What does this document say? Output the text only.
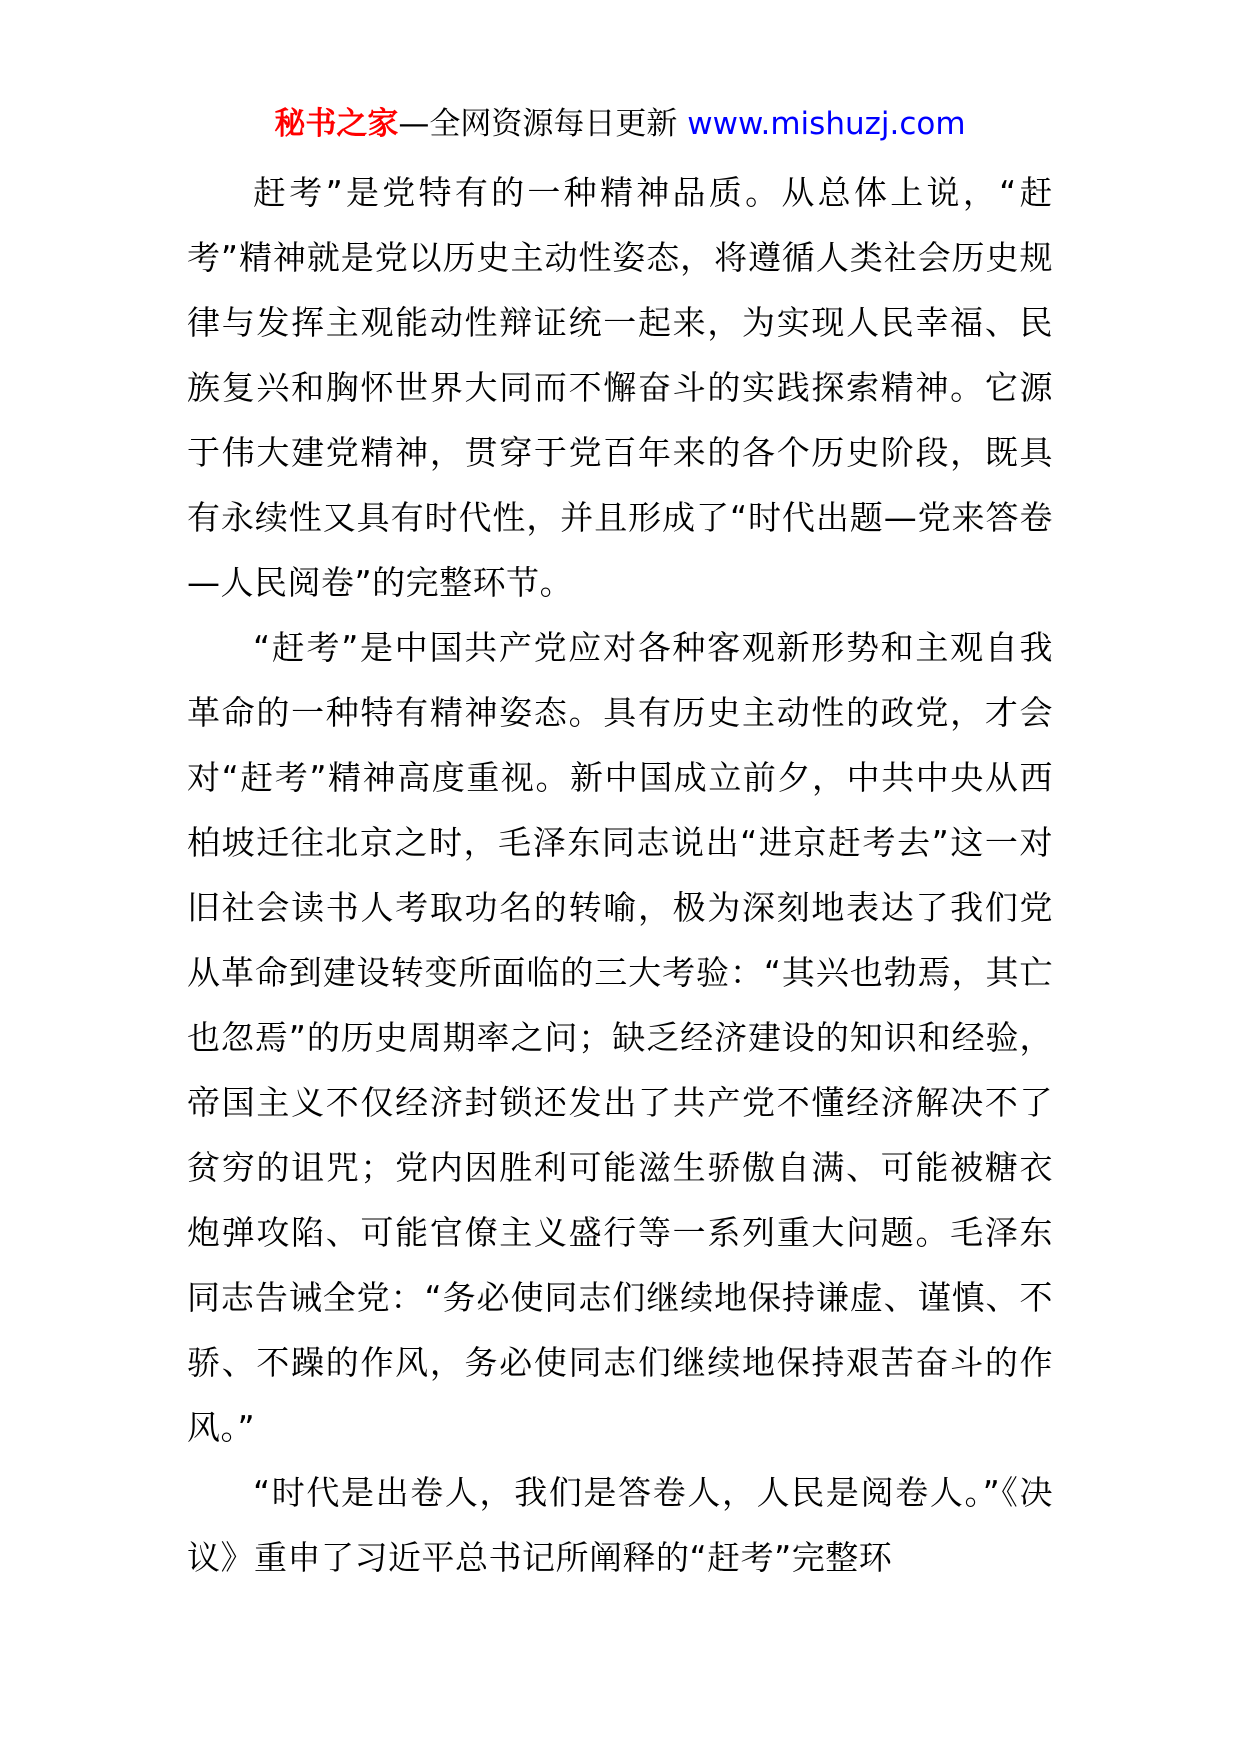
秘书之家—全网资源每日更新 www.mishuzj.com

赶考”是党特有的一种精神品质。从总体上说，“赶考”精神就是党以历史主动性姿态，将遵循人类社会历史规律与发挥主观能动性辩证统一起来，为实现人民幸福、民族复兴和胸怀世界大同而不懈奋斗的实践探索精神。它源于伟大建党精神，贯穿于党百年来的各个历史阶段，既具有永续性又具有时代性，并且形成了“时代出题—党来答卷—人民阅卷”的完整环节。

“赶考”是中国共产党应对各种客观新形势和主观自我革命的一种特有精神姿态。具有历史主动性的政党，才会对“赶考”精神高度重视。新中国成立前夕，中共中央从西柏坡迁往北京之时，毛泽东同志说出“进京赶考去”这一对旧社会读书人考取功名的转喻，极为深刻地表达了我们党从革命到建设转变所面临的三大考验：“其兴也勃焉，其亡也忽焉”的历史周期率之问；缺乏经济建设的知识和经验，帝国主义不仅经济封锁还发出了共产党不懂经济解决不了贫穷的诅咒；党内因胜利可能滋生骄傲自满、可能被糖衣炮弹攻陷、可能官僚主义盛行等一系列重大问题。毛泽东同志告诫全党：“务必使同志们继续地保持谦虚、谨慎、不骄、不躁的作风，务必使同志们继续地保持艰苦奋斗的作风。”

“时代是出卷人，我们是答卷人，人民是阅卷人。”《决议》重申了习近平总书记所阐释的“赶考”完整环
